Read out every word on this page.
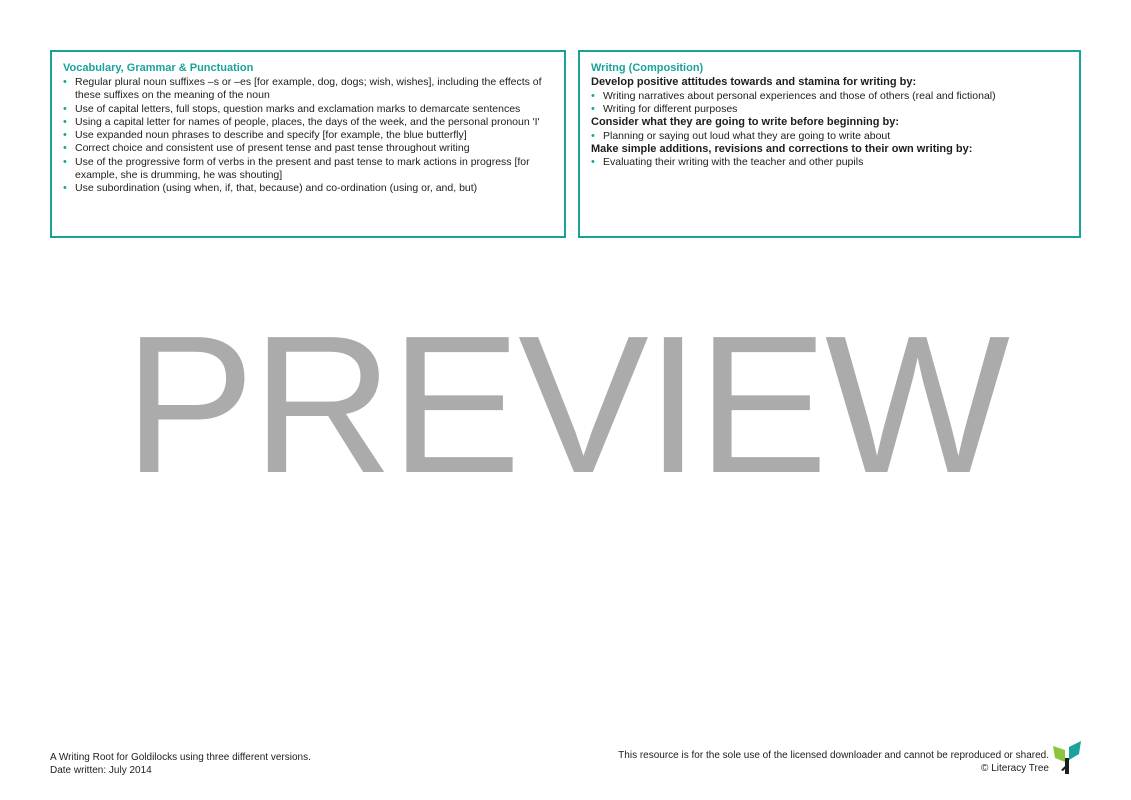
Vocabulary, Grammar & Punctuation
• Regular plural noun suffixes –s or –es [for example, dog, dogs; wish, wishes], including the effects of these suffixes on the meaning of the noun
• Use of capital letters, full stops, question marks and exclamation marks to demarcate sentences
• Using a capital letter for names of people, places, the days of the week, and the personal pronoun 'I'
• Use expanded noun phrases to describe and specify [for example, the blue butterfly]
• Correct choice and consistent use of present tense and past tense throughout writing
• Use of the progressive form of verbs in the present and past tense to mark actions in progress [for example, she is drumming, he was shouting]
• Use subordination (using when, if, that, because) and co-ordination (using or, and, but)
Writng (Composition)
Develop positive attitudes towards and stamina for writing by:
• Writing narratives about personal experiences and those of others (real and fictional)
• Writing for different purposes
Consider what they are going to write before beginning by:
• Planning or saying out loud what they are going to write about
Make simple additions, revisions and corrections to their own writing by:
• Evaluating their writing with the teacher and other pupils
PREVIEW
A Writing Root for Goldilocks using three different versions.
Date written: July 2014
This resource is for the sole use of the licensed downloader and cannot be reproduced or shared.
© Literacy Tree
